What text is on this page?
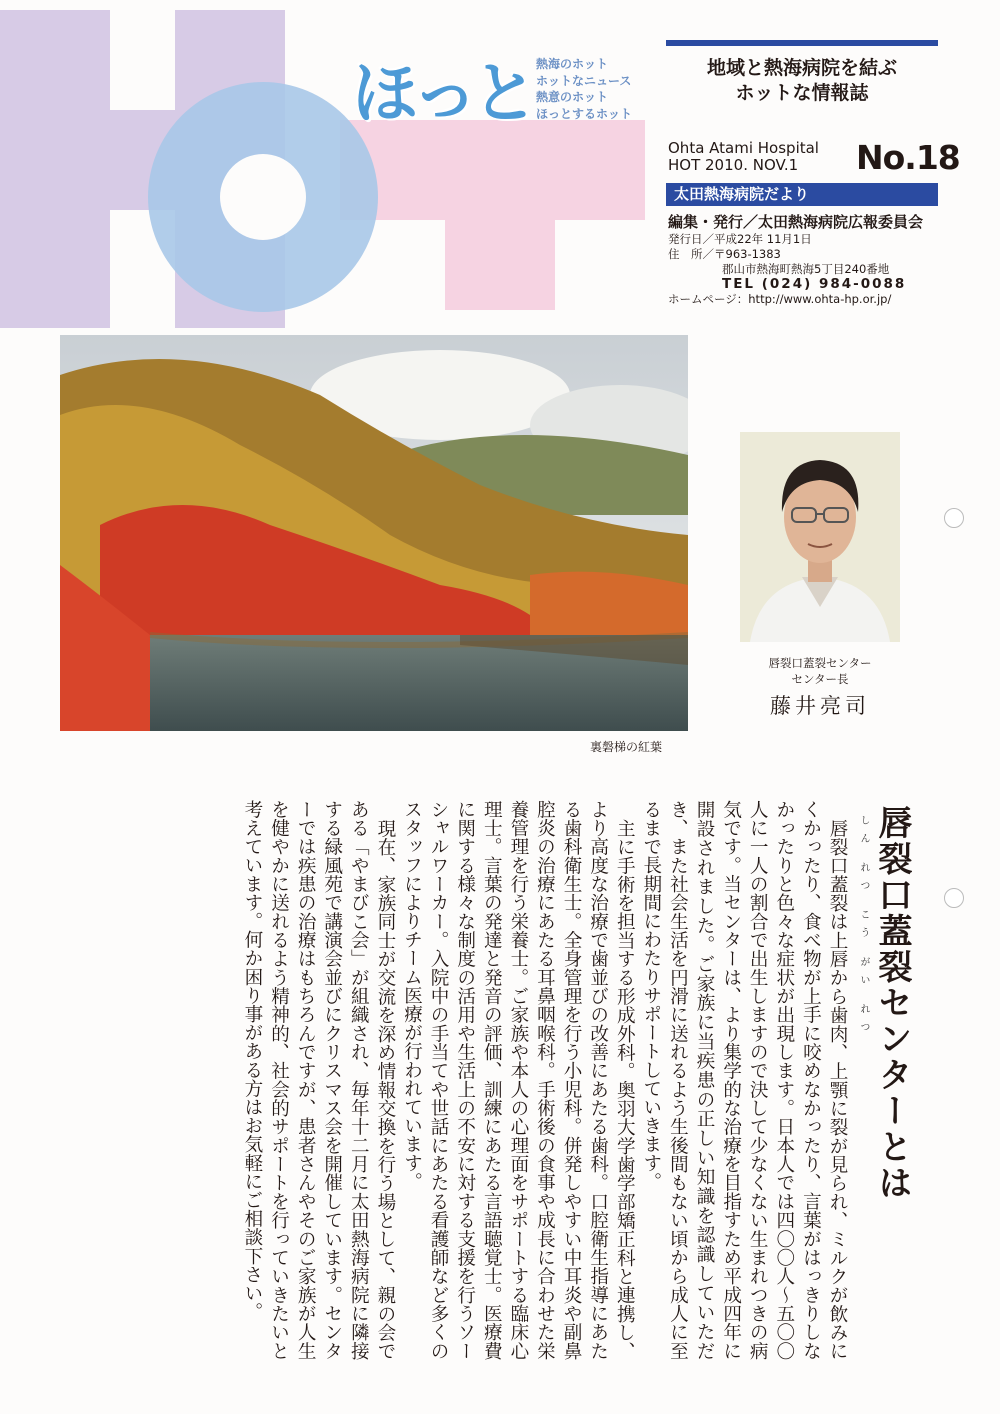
ほっと 熱海のホット
ホットなニュース
熱意のホット
ほっとするホット
地域と熱海病院を結ぶ
ホットな情報誌
Ohta Atami Hospital
HOT 2010. NOV.1	No.18
太田熱海病院だより
編集・発行／太田熱海病院広報委員会
発行日／平成22年 11月1日
住　所／〒963-1383
郡山市熱海町熱海5丁目240番地
TEL (024) 984-0088
ホームページ：http://www.ohta-hp.or.jp/
裏磐梯の紅葉
唇裂口蓋裂センター
センター長
藤井亮司
しん れつ こう がい れつ 唇裂口蓋裂センターとは

唇裂口蓋裂は上唇から歯肉、上顎に裂が見られ、ミルクが飲みにくかったり、食べ物が上手に咬めなかったり、言葉がはっきりしなかったりと色々な症状が出現します。日本人では四〇〇人～五〇〇人に一人の割合で出生しますので決して少なくない生まれつきの病気です。当センターは、より集学的な治療を目指すため平成四年に開設されました。ご家族に当疾患の正しい知識を認識していただき、また社会生活を円滑に送れるよう生後間もない頃から成人に至るまで長期間にわたりサポートしていきます。

主に手術を担当する形成外科。奥羽大学歯学部矯正科と連携し、より高度な治療で歯並びの改善にあたる歯科。口腔衛生指導にあたる歯科衛生士。全身管理を行う小児科。併発しやすい中耳炎や副鼻腔炎の治療にあたる耳鼻咽喉科。手術後の食事や成長に合わせた栄養管理を行う栄養士。ご家族や本人の心理面をサポートする臨床心理士。言葉の発達と発音の評価、訓練にあたる言語聴覚士。医療費に関する様々な制度の活用や生活上の不安に対する支援を行うソーシャルワーカー。入院中の手当てや世話にあたる看護師など多くのスタッフによりチーム医療が行われています。

現在、家族同士が交流を深め情報交換を行う場として、親の会である「やまびこ会」が組織され、毎年十二月に太田熱海病院に隣接する緑風苑で講演会並びにクリスマス会を開催しています。センターでは疾患の治療はもちろんですが、患者さんやそのご家族が人生を健やかに送れるよう精神的、社会的サポートを行っていきたいと考えています。何か困り事がある方はお気軽にご相談下さい。
